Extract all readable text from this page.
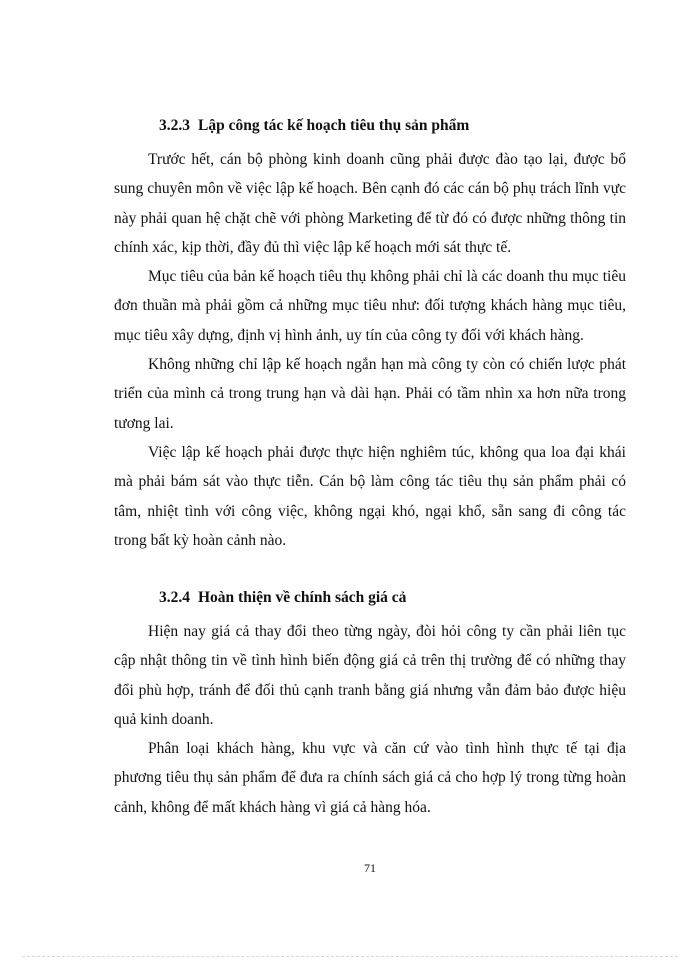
3.2.3 Lập công tác kế hoạch tiêu thụ sản phẩm

Trước hết, cán bộ phòng kinh doanh cũng phải được đào tạo lại, được bổ sung chuyên môn về việc lập kế hoạch. Bên cạnh đó các cán bộ phụ trách lĩnh vực này phải quan hệ chặt chẽ với phòng Marketing để từ đó có được những thông tin chính xác, kịp thời, đầy đủ thì việc lập kế hoạch mới sát thực tế.

Mục tiêu của bản kế hoạch tiêu thụ không phải chỉ là các doanh thu mục tiêu đơn thuần mà phải gồm cả những mục tiêu như: đối tượng khách hàng mục tiêu, mục tiêu xây dựng, định vị hình ảnh, uy tín của công ty đối với khách hàng.

Không những chỉ lập kế hoạch ngắn hạn mà công ty còn có chiến lược phát triển của mình cả trong trung hạn và dài hạn. Phải có tầm nhìn xa hơn nữa trong tương lai.

Việc lập kế hoạch phải được thực hiện nghiêm túc, không qua loa đại khái mà phải bám sát vào thực tiễn. Cán bộ làm công tác tiêu thụ sản phẩm phải có tâm, nhiệt tình với công việc, không ngại khó, ngại khổ, sẵn sang đi công tác trong bất kỳ hoàn cảnh nào.

3.2.4 Hoàn thiện về chính sách giá cả

Hiện nay giá cả thay đổi theo từng ngày, đòi hỏi công ty cần phải liên tục cập nhật thông tin về tình hình biến động giá cả trên thị trường để có những thay đổi phù hợp, tránh để đối thủ cạnh tranh bằng giá nhưng vẫn đảm bảo được hiệu quả kinh doanh.

Phân loại khách hàng, khu vực và căn cứ vào tình hình thực tế tại địa phương tiêu thụ sản phẩm để đưa ra chính sách giá cả cho hợp lý trong từng hoàn cảnh, không để mất khách hàng vì giá cả hàng hóa.

71
